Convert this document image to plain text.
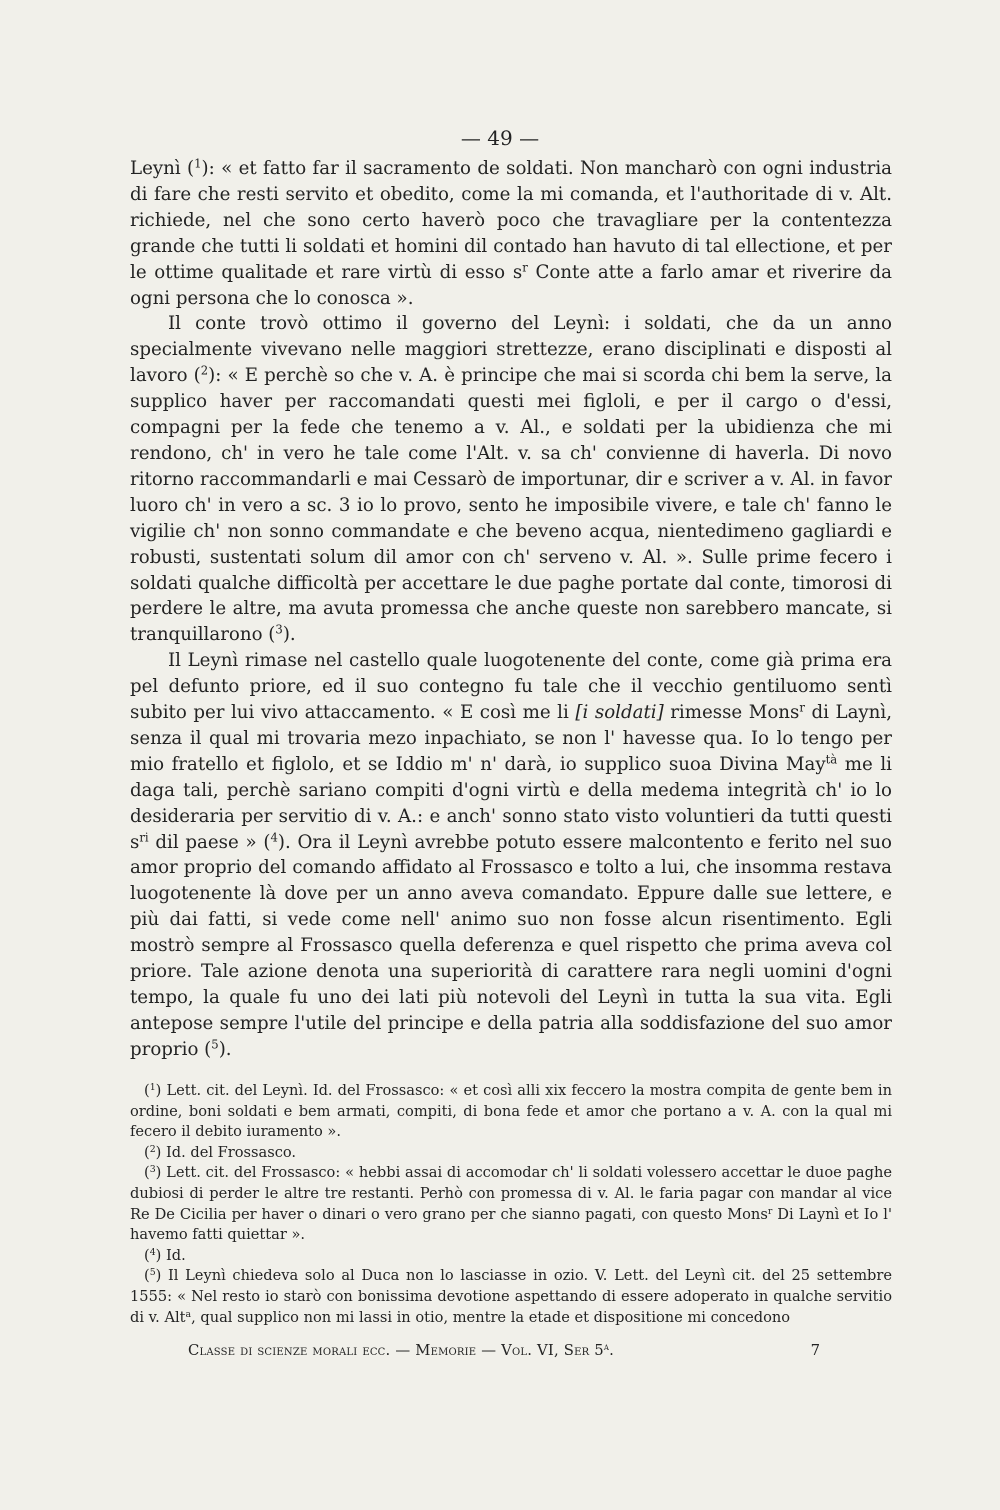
— 49 —

Leynì ($^1$): « et fatto far il sacramento de soldati. Non mancharò con ogni industria di fare che resti servito et obedito, come la mi comanda, et l'authoritade di v. Alt. richiede, nel che sono certo haverò poco che travagliare per la contentezza grande che tutti li soldati et homini dil contado han havuto di tal ellectione, et per le ottime qualitade et rare virtù di esso $s^r$ Conte atte a farlo amar et riverire da ogni persona che lo conosca ».

Il conte trovò ottimo il governo del Leynì: i soldati, che da un anno specialmente vivevano nelle maggiori strettezze, erano disciplinati e disposti al lavoro ($^2$): « E perchè so che v. A. è principe che mai si scorda chi bem la serve, la supplico haver per raccomandati questi mei figloli, e per il cargo o d'essi, compagni per la fede che tenemo a v. Al., e soldati per la ubidienza che mi rendono, ch' in vero he tale come l'Alt. v. sa ch' convienne di haverla. Di novo ritorno raccommandarli e mai Cessarò de importunar, dir e scriver a v. Al. in favor luoro ch' in vero a sc. 3 io lo provo, sento he imposibile vivere, e tale ch' fanno le vigilie ch' non sonno commandate e che beveno acqua, nientedimeno gagliardi e robusti, sustentati solum dil amor con ch' serveno v. Al. ». Sulle prime fecero i soldati qualche difficoltà per accettare le due paghe portate dal conte, timorosi di perdere le altre, ma avuta promessa che anche queste non sarebbero mancate, si tranquillarono ($^3$).

Il Leynì rimase nel castello quale luogotenente del conte, come già prima era pel defunto priore, ed il suo contegno fu tale che il vecchio gentiluomo sentì subito per lui vivo attaccamento. « E così me li [i soldati] rimesse Mons$^r$ di Laynì, senza il qual mi trovaria mezo inpachiato, se non l' havesse qua. Io lo tengo per mio fratello et figlolo, et se Iddio m' n' darà, io supplico suoa Divina May$^{tà}$ me li daga tali, perchè sariano compiti d'ogni virtù e della medema integrità ch' io lo desideraria per servitio di v. A.: e anch' sonno stato visto voluntieri da tutti questi $s^{ri}$ dil paese » ($^4$). Ora il Leynì avrebbe potuto essere malcontento e ferito nel suo amor proprio del comando affidato al Frossasco e tolto a lui, che insomma restava luogotenente là dove per un anno aveva comandato. Eppure dalle sue lettere, e più dai fatti, si vede come nell' animo suo non fosse alcun risentimento. Egli mostrò sempre al Frossasco quella deferenza e quel rispetto che prima aveva col priore. Tale azione denota una superiorità di carattere rara negli uomini d'ogni tempo, la quale fu uno dei lati più notevoli del Leynì in tutta la sua vita. Egli antepose sempre l'utile del principe e della patria alla soddisfazione del suo amor proprio ($^5$).

($^1$) Lett. cit. del Leynì. Id. del Frossasco: « et così alli xix feccero la mostra compita de gente bem in ordine, boni soldati e bem armati, compiti, di bona fede et amor che portano a v. A. con la qual mi fecero il debito iuramento ».

($^2$) Id. del Frossasco.

($^3$) Lett. cit. del Frossasco: « hebbi assai di accomodar ch' li soldati volessero accettar le duoe paghe dubiosi di perder le altre tre restanti. Perhò con promessa di v. Al. le faria pagar con mandar al vice Re De Cicilia per haver o dinari o vero grano per che sianno pagati, con questo Mons$^r$ Di Laynì et Io l' havemo fatti quiettar ».

($^4$) Id.

($^5$) Il Leynì chiedeva solo al Duca non lo lasciasse in ozio. V. Lett. del Leynì cit. del 25 settembre 1555: « Nel resto io starò con bonissima devotione aspettando di essere adoperato in qualche servitio di v. Alt$^a$, qual supplico non mi lassi in otio, mentre la etade et dispositione mi concedono

Classe di scienze morali ecc. — Memorie — Vol. VI, Ser 5$^a$.	7
